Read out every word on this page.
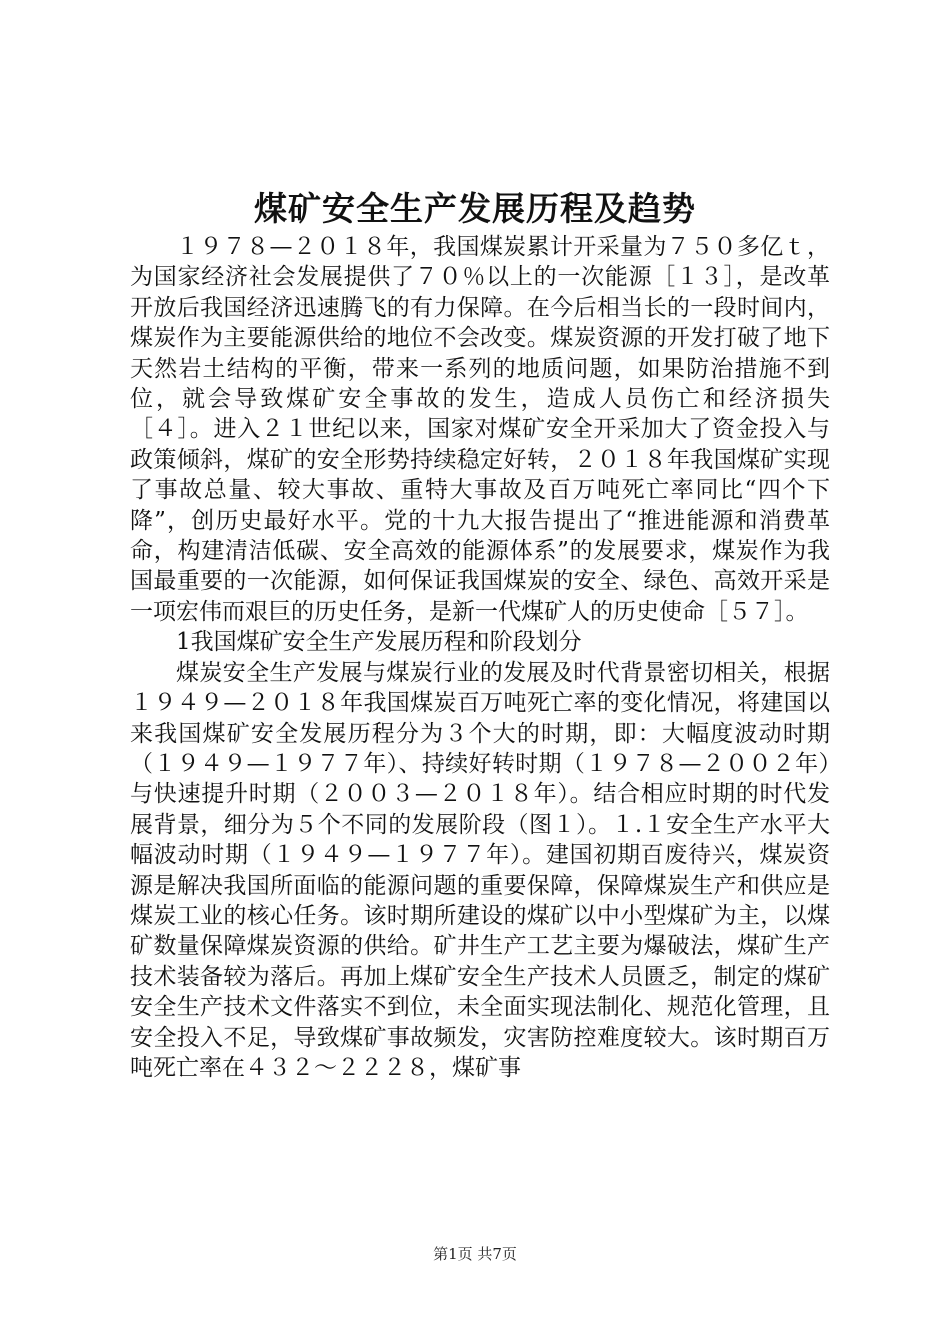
煤矿安全生产发展历程及趋势

１９７８—２０１８年，我国煤炭累计开采量为７５０多亿ｔ，为国家经济社会发展提供了７０％以上的一次能源［１３］，是改革开放后我国经济迅速腾飞的有力保障。在今后相当长的一段时间内，煤炭作为主要能源供给的地位不会改变。煤炭资源的开发打破了地下天然岩土结构的平衡，带来一系列的地质问题，如果防治措施不到位，就会导致煤矿安全事故的发生，造成人员伤亡和经济损失［４］。进入２１世纪以来，国家对煤矿安全开采加大了资金投入与政策倾斜，煤矿的安全形势持续稳定好转，２０１８年我国煤矿实现了事故总量、较大事故、重特大事故及百万吨死亡率同比“四个下降”，创历史最好水平。党的十九大报告提出了“推进能源和消费革命，构建清洁低碳、安全高效的能源体系”的发展要求，煤炭作为我国最重要的一次能源，如何保证我国煤炭的安全、绿色、高效开采是一项宏伟而艰巨的历史任务，是新一代煤矿人的历史使命［５７］。

1我国煤矿安全生产发展历程和阶段划分

煤炭安全生产发展与煤炭行业的发展及时代背景密切相关，根据１９４９—２０１８年我国煤炭百万吨死亡率的变化情况，将建国以来我国煤矿安全发展历程分为３个大的时期，即：大幅度波动时期（１９４９—１９７７年）、持续好转时期（１９７８—２００２年）与快速提升时期（２００３—２０１８年）。结合相应时期的时代发展背景，细分为５个不同的发展阶段（图１）。１.１安全生产水平大幅波动时期（１９４９—１９７７年）。建国初期百废待兴，煤炭资源是解决我国所面临的能源问题的重要保障，保障煤炭生产和供应是煤炭工业的核心任务。该时期所建设的煤矿以中小型煤矿为主，以煤矿数量保障煤炭资源的供给。矿井生产工艺主要为爆破法，煤矿生产技术装备较为落后。再加上煤矿安全生产技术人员匮乏，制定的煤矿安全生产技术文件落实不到位，未全面实现法制化、规范化管理，且安全投入不足，导致煤矿事故频发，灾害防控难度较大。该时期百万吨死亡率在４３２～２２２８，煤矿事

第1页 共7页
